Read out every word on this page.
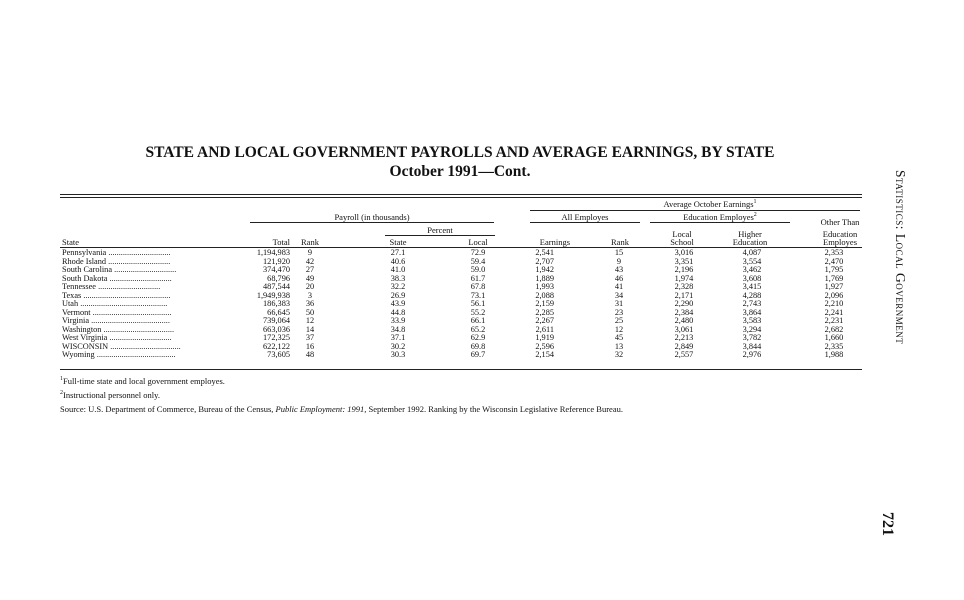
STATE AND LOCAL GOVERNMENT PAYROLLS AND AVERAGE EARNINGS, BY STATE
October 1991—Cont.
Average October Earnings$^1$
Payroll (in thousands)	All Employes	Education Employes$^2$
Other Than
Percent	Local	Higher	Education
State	Total	Rank	State	Local	Earnings	Rank	School	Education	Employes
Pennsylvania ..............................	1,194,983	9	27.1	72.9	2,541	15	3,016	4,087	2,353
Rhode Island ..............................	121,920	42	40.6	59.4	2,707	9	3,351	3,554	2,470
South Carolina ..............................	374,470	27	41.0	59.0	1,942	43	2,196	3,462	1,795
South Dakota ..............................	68,796	49	38.3	61.7	1,889	46	1,974	3,608	1,769
Tennessee ..............................	487,544	20	32.2	67.8	1,993	41	2,328	3,415	1,927
Texas ..........................................	1,949,938	3	26.9	73.1	2,088	34	2,171	4,288	2,096
Utah ..........................................	186,383	36	43.9	56.1	2,159	31	2,290	2,743	2,210
Vermont ......................................	66,645	50	44.8	55.2	2,285	23	2,384	3,864	2,241
Virginia ......................................	739,064	12	33.9	66.1	2,267	25	2,480	3,583	2,231
Washington ..................................	663,036	14	34.8	65.2	2,611	12	3,061	3,294	2,682
West Virginia ..............................	172,325	37	37.1	62.9	1,919	45	2,213	3,782	1,660
WISCONSIN ..................................	622,122	16	30.2	69.8	2,596	13	2,849	3,844	2,335
Wyoming ......................................	73,605	48	30.3	69.7	2,154	32	2,557	2,976	1,988
$^1$Full-time state and local government employes.
$^2$Instructional personnel only.
Source: U.S. Department of Commerce, Bureau of the Census, Public Employment: 1991, September 1992. Ranking by the Wisconsin Legislative Reference Bureau.
Statistics: Local Government
721
